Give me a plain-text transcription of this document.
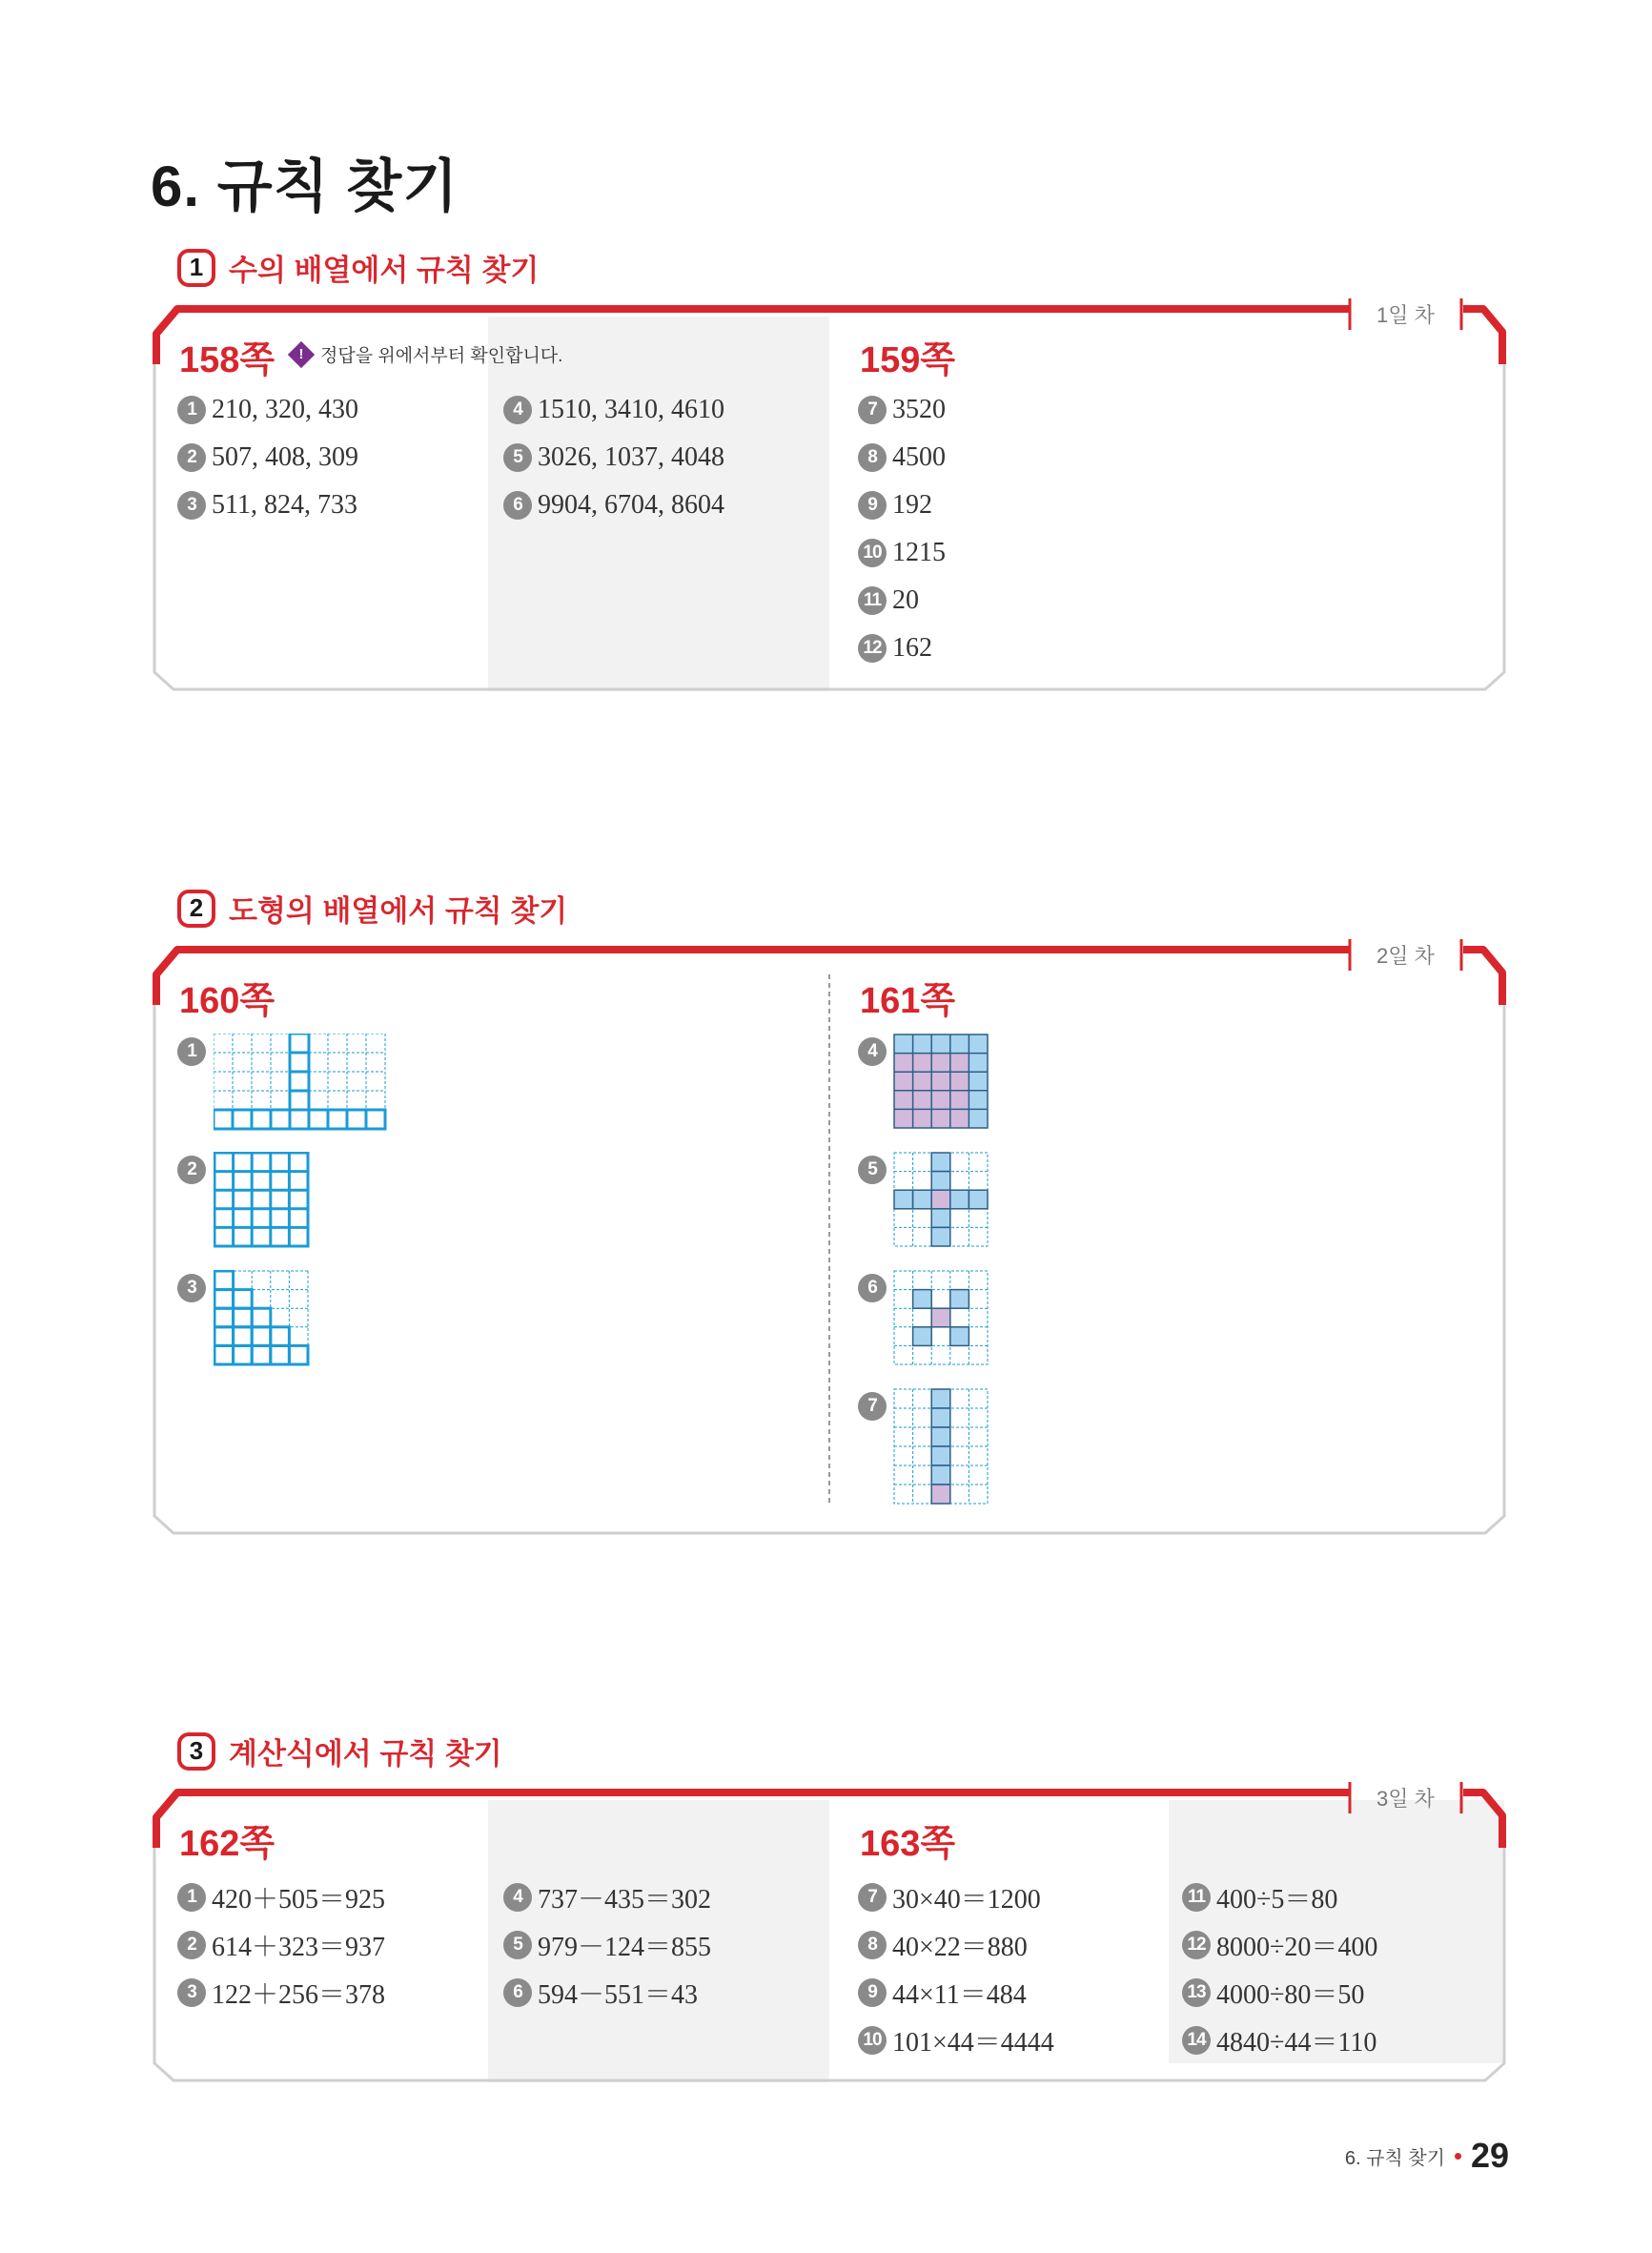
6. 규칙 찾기
1 수의 배열에서 규칙 찾기
1일 차
158쪽	! 정답을 위에서부터 확인합니다.	159쪽
1 210, 320, 430
2 507, 408, 309
3 511, 824, 733
4 1510, 3410, 4610
5 3026, 1037, 4048
6 9904, 6704, 8604
7 3520
8 4500
9 192
10 1215
11 20
12 162
2 도형의 배열에서 규칙 찾기
2일 차
160쪽	161쪽
1
2
3
4
5
6
7
3 계산식에서 규칙 찾기
3일 차
162쪽	163쪽
1 420＋505＝925
2 614＋323＝937
3 122＋256＝378
4 737－435＝302
5 979－124＝855
6 594－551＝43
7 30×40＝1200
8 40×22＝880
9 44×11＝484
10 101×44＝4444
11 400÷5＝80
12 8000÷20＝400
13 4000÷80＝50
14 4840÷44＝110
6. 규칙 찾기 29
